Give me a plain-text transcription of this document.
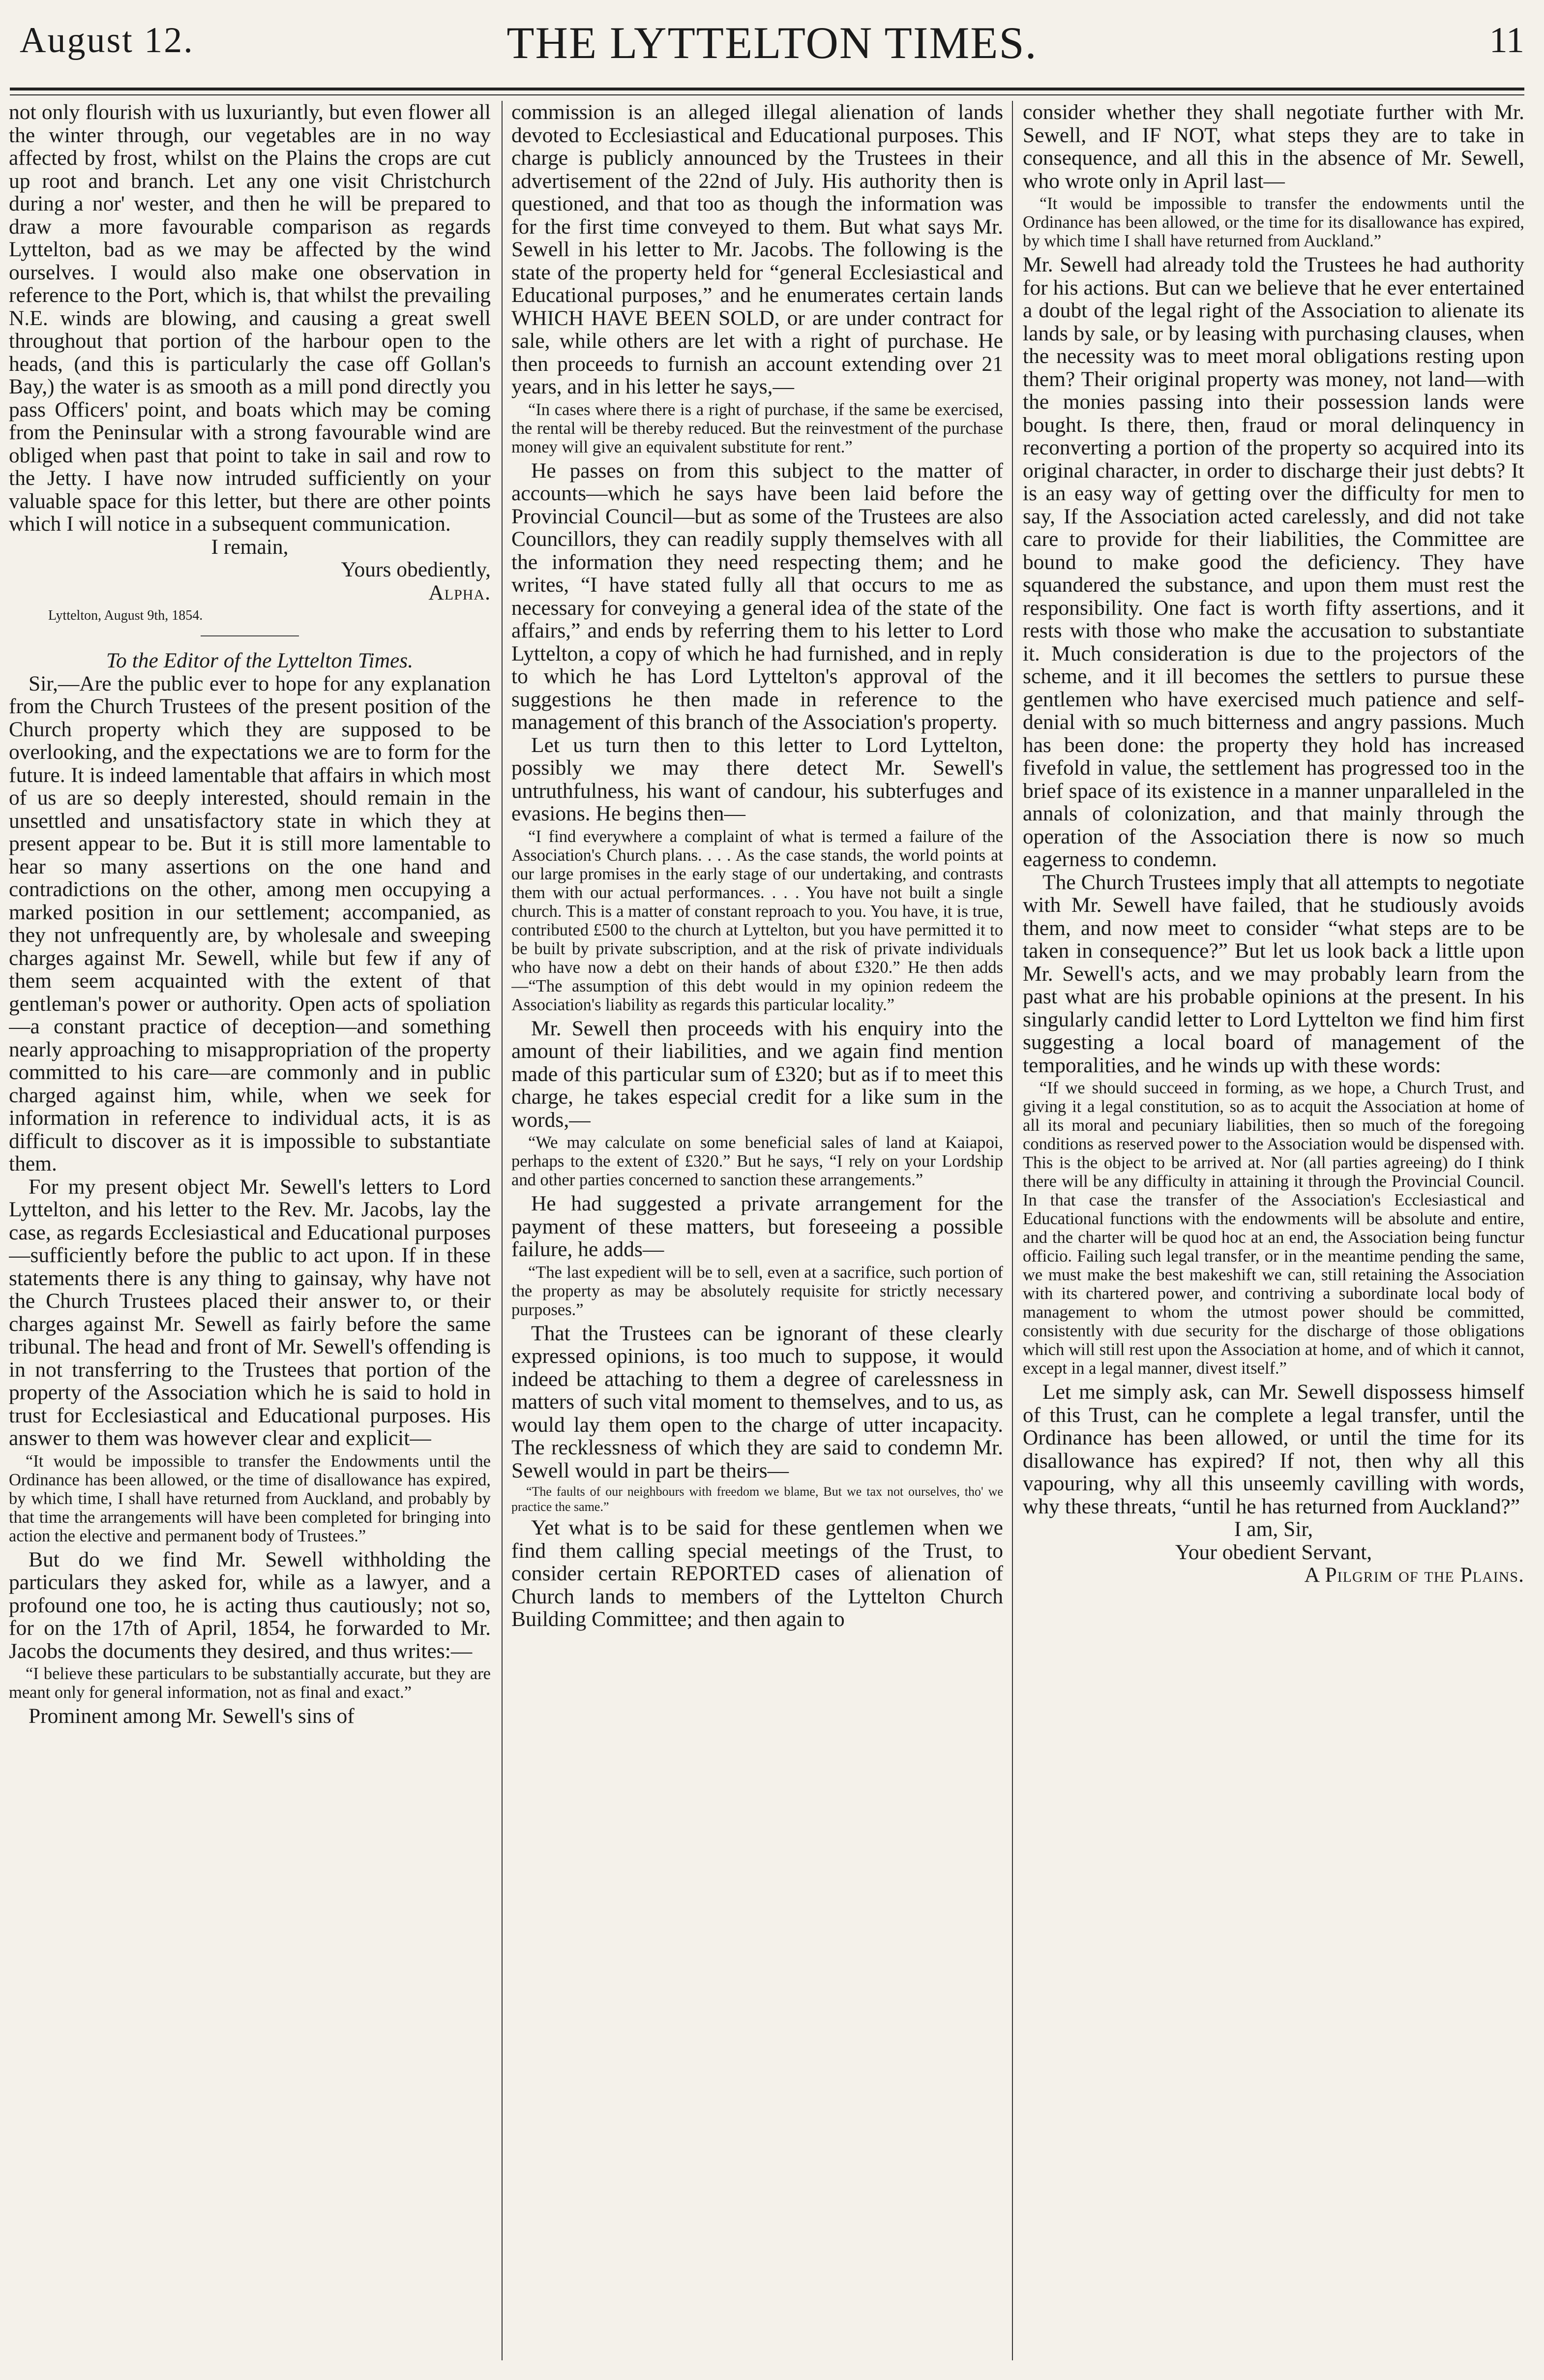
August 12.	THE LYTTELTON TIMES.	11

not only flourish with us luxuriantly, but even flower all the winter through, our vegetables are in no way affected by frost, whilst on the Plains the crops are cut up root and branch. Let any one visit Christchurch during a nor' wester, and then he will be prepared to draw a more favourable comparison as regards Lyttelton, bad as we may be affected by the wind ourselves. I would also make one observation in reference to the Port, which is, that whilst the prevailing N.E. winds are blowing, and causing a great swell throughout that portion of the harbour open to the heads, (and this is particularly the case off Gollan's Bay,) the water is as smooth as a mill pond directly you pass Officers' point, and boats which may be coming from the Peninsular with a strong favourable wind are obliged when past that point to take in sail and row to the Jetty. I have now intruded sufficiently on your valuable space for this letter, but there are other points which I will notice in a subsequent communication.

I remain,

Yours obediently,

Alpha.

Lyttelton, August 9th, 1854.

To the Editor of the Lyttelton Times.

Sir,—Are the public ever to hope for any explanation from the Church Trustees of the present position of the Church property which they are supposed to be overlooking, and the expectations we are to form for the future. It is indeed lamentable that affairs in which most of us are so deeply interested, should remain in the unsettled and unsatisfactory state in which they at present appear to be. But it is still more lamentable to hear so many assertions on the one hand and contradictions on the other, among men occupying a marked position in our settlement; accompanied, as they not unfrequently are, by wholesale and sweeping charges against Mr. Sewell, while but few if any of them seem acquainted with the extent of that gentleman's power or authority. Open acts of spoliation—a constant practice of deception—and something nearly approaching to misappropriation of the property committed to his care—are commonly and in public charged against him, while, when we seek for information in reference to individual acts, it is as difficult to discover as it is impossible to substantiate them.

For my present object Mr. Sewell's letters to Lord Lyttelton, and his letter to the Rev. Mr. Jacobs, lay the case, as regards Ecclesiastical and Educational purposes—sufficiently before the public to act upon. If in these statements there is any thing to gainsay, why have not the Church Trustees placed their answer to, or their charges against Mr. Sewell as fairly before the same tribunal. The head and front of Mr. Sewell's offending is in not transferring to the Trustees that portion of the property of the Association which he is said to hold in trust for Ecclesiastical and Educational purposes. His answer to them was however clear and explicit—

“It would be impossible to transfer the Endowments until the Ordinance has been allowed, or the time of disallowance has expired, by which time, I shall have returned from Auckland, and probably by that time the arrangements will have been completed for bringing into action the elective and permanent body of Trustees.”

But do we find Mr. Sewell withholding the particulars they asked for, while as a lawyer, and a profound one too, he is acting thus cautiously; not so, for on the 17th of April, 1854, he forwarded to Mr. Jacobs the documents they desired, and thus writes:—

“I believe these particulars to be substantially accurate, but they are meant only for general information, not as final and exact.”

Prominent among Mr. Sewell's sins of

commission is an alleged illegal alienation of lands devoted to Ecclesiastical and Educational purposes. This charge is publicly announced by the Trustees in their advertisement of the 22nd of July. His authority then is questioned, and that too as though the information was for the first time conveyed to them. But what says Mr. Sewell in his letter to Mr. Jacobs. The following is the state of the property held for “general Ecclesiastical and Educational purposes,” and he enumerates certain lands WHICH HAVE BEEN SOLD, or are under contract for sale, while others are let with a right of purchase. He then proceeds to furnish an account extending over 21 years, and in his letter he says,—

“In cases where there is a right of purchase, if the same be exercised, the rental will be thereby reduced. But the reinvestment of the purchase money will give an equivalent substitute for rent.”

He passes on from this subject to the matter of accounts—which he says have been laid before the Provincial Council—but as some of the Trustees are also Councillors, they can readily supply themselves with all the information they need respecting them; and he writes, “I have stated fully all that occurs to me as necessary for conveying a general idea of the state of the affairs,” and ends by referring them to his letter to Lord Lyttelton, a copy of which he had furnished, and in reply to which he has Lord Lyttelton's approval of the suggestions he then made in reference to the management of this branch of the Association's property.

Let us turn then to this letter to Lord Lyttelton, possibly we may there detect Mr. Sewell's untruthfulness, his want of candour, his subterfuges and evasions. He begins then—

“I find everywhere a complaint of what is termed a failure of the Association's Church plans. . . . As the case stands, the world points at our large promises in the early stage of our undertaking, and contrasts them with our actual performances. . . . You have not built a single church. This is a matter of constant reproach to you. You have, it is true, contributed £500 to the church at Lyttelton, but you have permitted it to be built by private subscription, and at the risk of private individuals who have now a debt on their hands of about £320.” He then adds—“The assumption of this debt would in my opinion redeem the Association's liability as regards this particular locality.”

Mr. Sewell then proceeds with his enquiry into the amount of their liabilities, and we again find mention made of this particular sum of £320; but as if to meet this charge, he takes especial credit for a like sum in the words,—

“We may calculate on some beneficial sales of land at Kaiapoi, perhaps to the extent of £320.” But he says, “I rely on your Lordship and other parties concerned to sanction these arrangements.”

He had suggested a private arrangement for the payment of these matters, but foreseeing a possible failure, he adds—

“The last expedient will be to sell, even at a sacrifice, such portion of the property as may be absolutely requisite for strictly necessary purposes.”

That the Trustees can be ignorant of these clearly expressed opinions, is too much to suppose, it would indeed be attaching to them a degree of carelessness in matters of such vital moment to themselves, and to us, as would lay them open to the charge of utter incapacity. The recklessness of which they are said to condemn Mr. Sewell would in part be theirs—

“The faults of our neighbours with freedom we blame, But we tax not ourselves, tho' we practice the same.”

Yet what is to be said for these gentlemen when we find them calling special meetings of the Trust, to consider certain REPORTED cases of alienation of Church lands to members of the Lyttelton Church Building Committee; and then again to

consider whether they shall negotiate further with Mr. Sewell, and IF NOT, what steps they are to take in consequence, and all this in the absence of Mr. Sewell, who wrote only in April last—

“It would be impossible to transfer the endowments until the Ordinance has been allowed, or the time for its disallowance has expired, by which time I shall have returned from Auckland.”

Mr. Sewell had already told the Trustees he had authority for his actions. But can we believe that he ever entertained a doubt of the legal right of the Association to alienate its lands by sale, or by leasing with purchasing clauses, when the necessity was to meet moral obligations resting upon them? Their original property was money, not land—with the monies passing into their possession lands were bought. Is there, then, fraud or moral delinquency in reconverting a portion of the property so acquired into its original character, in order to discharge their just debts? It is an easy way of getting over the difficulty for men to say, If the Association acted carelessly, and did not take care to provide for their liabilities, the Committee are bound to make good the deficiency. They have squandered the substance, and upon them must rest the responsibility. One fact is worth fifty assertions, and it rests with those who make the accusation to substantiate it. Much consideration is due to the projectors of the scheme, and it ill becomes the settlers to pursue these gentlemen who have exercised much patience and self-denial with so much bitterness and angry passions. Much has been done: the property they hold has increased fivefold in value, the settlement has progressed too in the brief space of its existence in a manner unparalleled in the annals of colonization, and that mainly through the operation of the Association there is now so much eagerness to condemn.

The Church Trustees imply that all attempts to negotiate with Mr. Sewell have failed, that he studiously avoids them, and now meet to consider “what steps are to be taken in consequence?” But let us look back a little upon Mr. Sewell's acts, and we may probably learn from the past what are his probable opinions at the present. In his singularly candid letter to Lord Lyttelton we find him first suggesting a local board of management of the temporalities, and he winds up with these words:

“If we should succeed in forming, as we hope, a Church Trust, and giving it a legal constitution, so as to acquit the Association at home of all its moral and pecuniary liabilities, then so much of the foregoing conditions as reserved power to the Association would be dispensed with. This is the object to be arrived at. Nor (all parties agreeing) do I think there will be any difficulty in attaining it through the Provincial Council. In that case the transfer of the Association's Ecclesiastical and Educational functions with the endowments will be absolute and entire, and the charter will be quod hoc at an end, the Association being functur officio. Failing such legal transfer, or in the meantime pending the same, we must make the best makeshift we can, still retaining the Association with its chartered power, and contriving a subordinate local body of management to whom the utmost power should be committed, consistently with due security for the discharge of those obligations which will still rest upon the Association at home, and of which it cannot, except in a legal manner, divest itself.”

Let me simply ask, can Mr. Sewell dispossess himself of this Trust, can he complete a legal transfer, until the Ordinance has been allowed, or until the time for its disallowance has expired? If not, then why all this vapouring, why all this unseemly cavilling with words, why these threats, “until he has returned from Auckland?”

I am, Sir,

Your obedient Servant,

A Pilgrim of the Plains.
